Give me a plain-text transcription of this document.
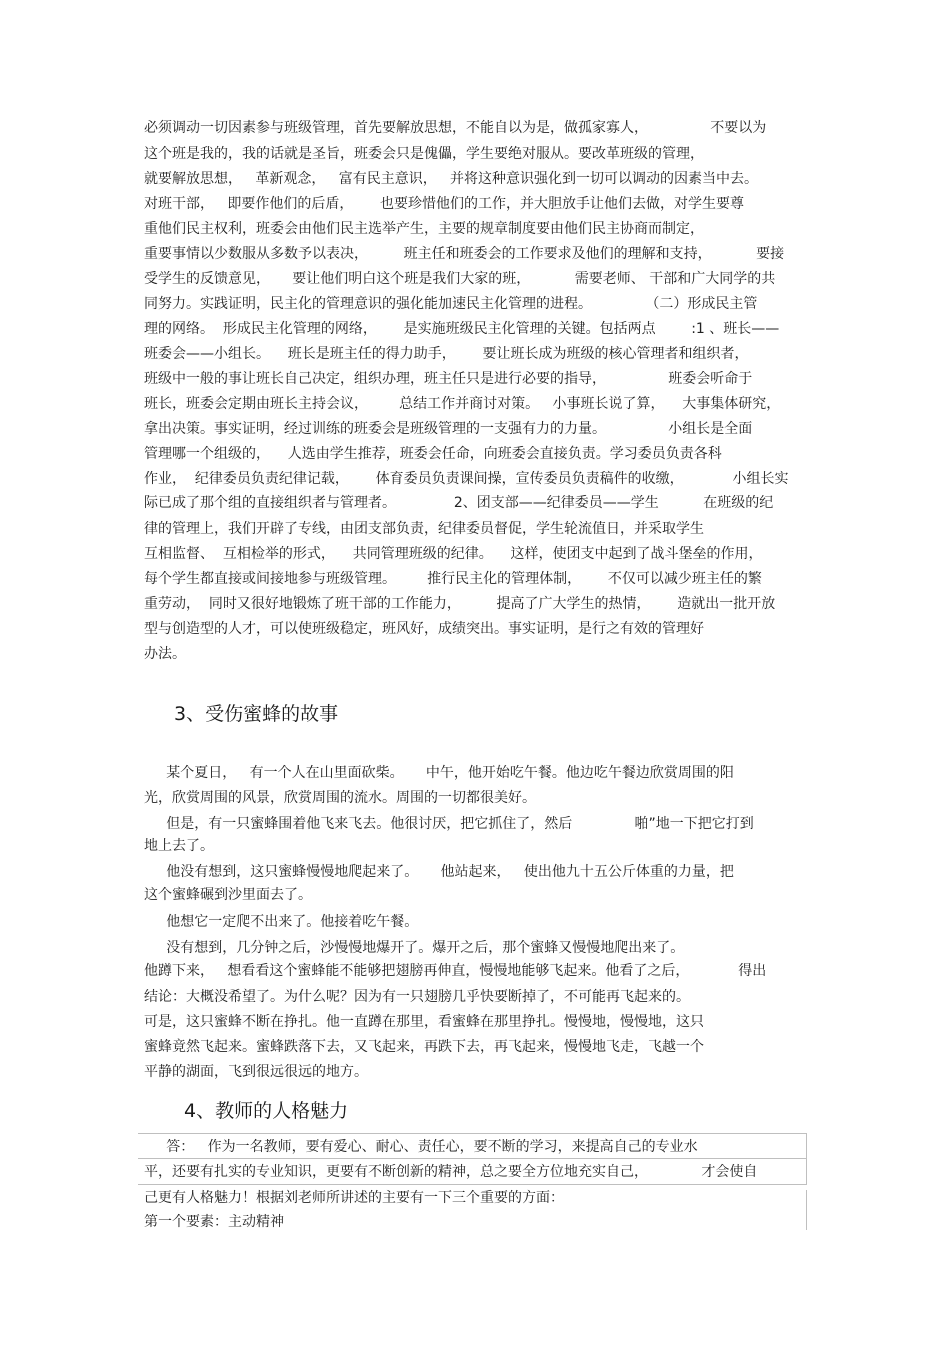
必须调动一切因素参与班级管理，首先要解放思想，不能自以为是，做孤家寡人，              不要以为
这个班是我的，我的话就是圣旨，班委会只是傀儡，学生要绝对服从。要改革班级的管理，
就要解放思想，   革新观念，   富有民主意识，   并将这种意识强化到一切可以调动的因素当中去。
对班干部，   即要作他们的后盾，      也要珍惜他们的工作，并大胆放手让他们去做，对学生要尊
重他们民主权利，班委会由他们民主选举产生，主要的规章制度要由他们民主协商而制定，
重要事情以少数服从多数予以表决，        班主任和班委会的工作要求及他们的理解和支持，          要接
受学生的反馈意见，     要让他们明白这个班是我们大家的班，          需要老师、 干部和广大同学的共
同努力。实践证明，民主化的管理意识的强化能加速民主化管理的进程。            （二）形成民主管
理的网络。  形成民主化管理的网络，      是实施班级民主化管理的关键。包括两点        :1 、班长——
班委会——小组长。    班长是班主任的得力助手，      要让班长成为班级的核心管理者和组织者，
班级中一般的事让班长自己决定，组织办理，班主任只是进行必要的指导，              班委会听命于
班长，班委会定期由班长主持会议，       总结工作并商讨对策。   小事班长说了算，    大事集体研究，
拿出决策。事实证明，经过训练的班委会是班级管理的一支强有力的力量。              小组长是全面
管理哪一个组级的，    人选由学生推荐，班委会任命，向班委会直接负责。学习委员负责各科
作业，  纪律委员负责纪律记载，      体育委员负责课间操，宣传委员负责稿件的收缴，           小组长实
际已成了那个组的直接组织者与管理者。             2、团支部——纪律委员——学生          在班级的纪
律的管理上，我们开辟了专线，由团支部负责，纪律委员督促，学生轮流值日，并采取学生
互相监督、  互相检举的形式，    共同管理班级的纪律。    这样，使团支中起到了战斗堡垒的作用，
每个学生都直接或间接地参与班级管理。       推行民主化的管理体制，      不仅可以减少班主任的繁
重劳动，  同时又很好地锻炼了班干部的工作能力，        提高了广大学生的热情，      造就出一批开放
型与创造型的人才，可以使班级稳定，班风好，成绩突出。事实证明，是行之有效的管理好
办法。
3、受伤蜜蜂的故事
某个夏日，   有一个人在山里面砍柴。     中午，他开始吃午餐。他边吃午餐边欣赏周围的阳
光，欣赏周围的风景，欣赏周围的流水。周围的一切都很美好。
但是，有一只蜜蜂围着他飞来飞去。他很讨厌，把它抓住了，然后              啪”地一下把它打到
地上去了。
他没有想到，这只蜜蜂慢慢地爬起来了。     他站起来，   使出他九十五公斤体重的力量，把
这个蜜蜂碾到沙里面去了。
他想它一定爬不出来了。他接着吃午餐。
没有想到，几分钟之后，沙慢慢地爆开了。爆开之后，那个蜜蜂又慢慢地爬出来了。
他蹲下来，   想看看这个蜜蜂能不能够把翅膀再伸直，慢慢地能够飞起来。他看了之后，           得出
结论：大概没希望了。为什么呢？因为有一只翅膀几乎快要断掉了，不可能再飞起来的。
可是，这只蜜蜂不断在挣扎。他一直蹲在那里，看蜜蜂在那里挣扎。慢慢地，慢慢地，这只
蜜蜂竟然飞起来。蜜蜂跌落下去，又飞起来，再跌下去，再飞起来，慢慢地飞走，飞越一个
平静的湖面，飞到很远很远的地方。
4、教师的人格魅力
答：   作为一名教师，要有爱心、耐心、责任心，要不断的学习，来提高自己的专业水
平，还要有扎实的专业知识，更要有不断创新的精神，总之要全方位地充实自己，            才会使自
己更有人格魅力！根据刘老师所讲述的主要有一下三个重要的方面：
第一个要素：主动精神
